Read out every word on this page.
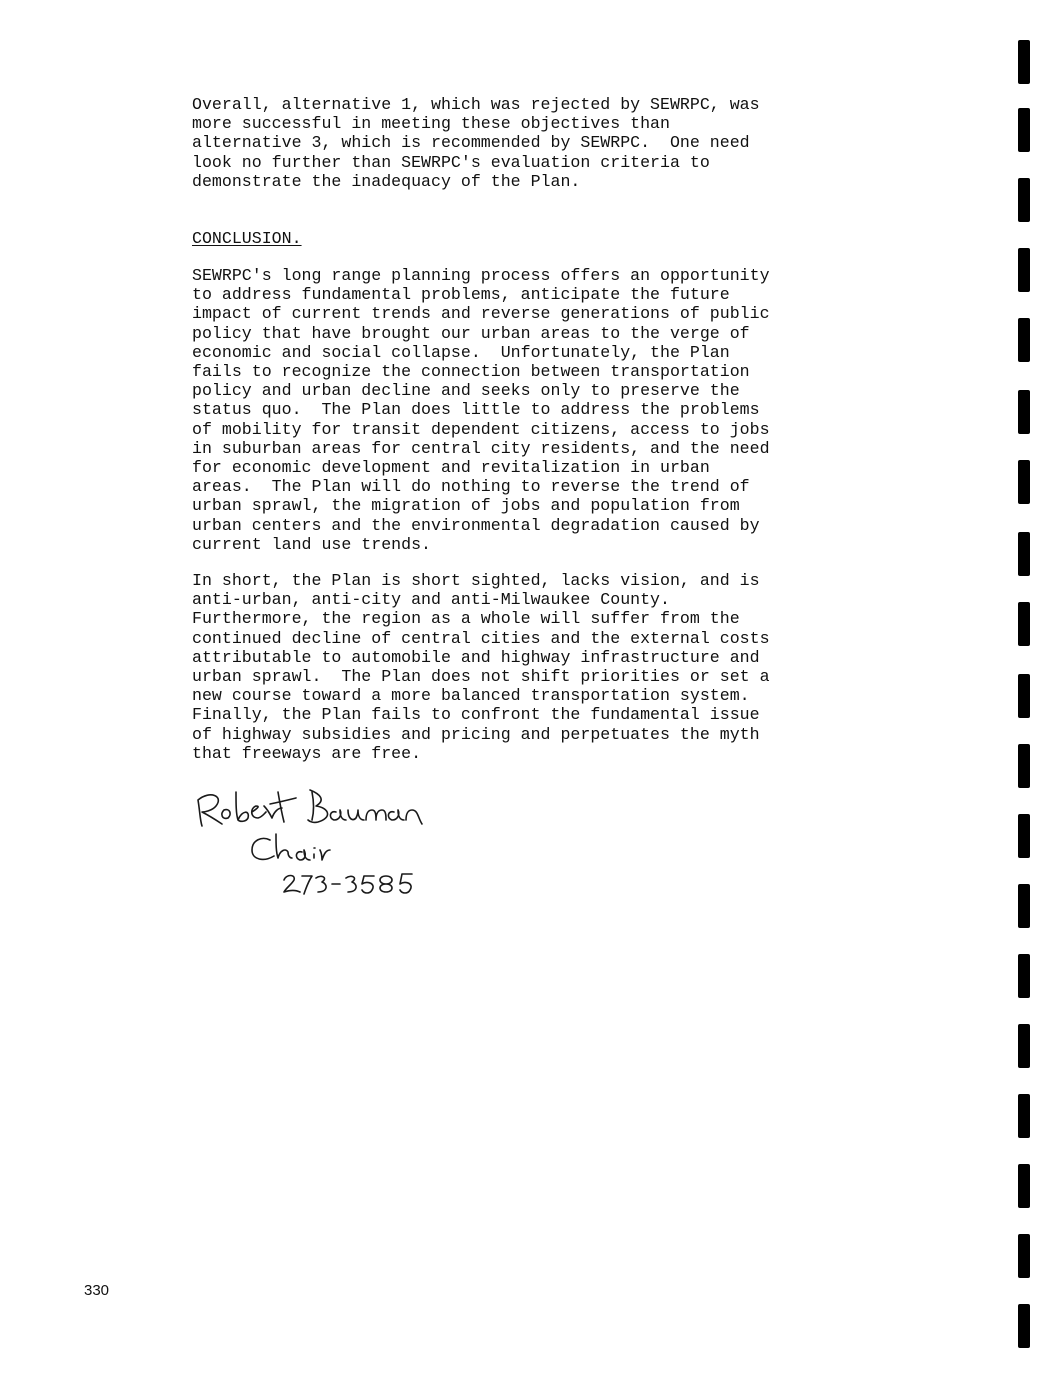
Overall, alternative 1, which was rejected by SEWRPC, was
more successful in meeting these objectives than
alternative 3, which is recommended by SEWRPC.  One need
look no further than SEWRPC's evaluation criteria to
demonstrate the inadequacy of the Plan.
CONCLUSION.
SEWRPC's long range planning process offers an opportunity
to address fundamental problems, anticipate the future
impact of current trends and reverse generations of public
policy that have brought our urban areas to the verge of
economic and social collapse.  Unfortunately, the Plan
fails to recognize the connection between transportation
policy and urban decline and seeks only to preserve the
status quo.  The Plan does little to address the problems
of mobility for transit dependent citizens, access to jobs
in suburban areas for central city residents, and the need
for economic development and revitalization in urban
areas.  The Plan will do nothing to reverse the trend of
urban sprawl, the migration of jobs and population from
urban centers and the environmental degradation caused by
current land use trends.
In short, the Plan is short sighted, lacks vision, and is
anti-urban, anti-city and anti-Milwaukee County.
Furthermore, the region as a whole will suffer from the
continued decline of central cities and the external costs
attributable to automobile and highway infrastructure and
urban sprawl.  The Plan does not shift priorities or set a
new course toward a more balanced transportation system.
Finally, the Plan fails to confront the fundamental issue
of highway subsidies and pricing and perpetuates the myth
that freeways are free.
330
